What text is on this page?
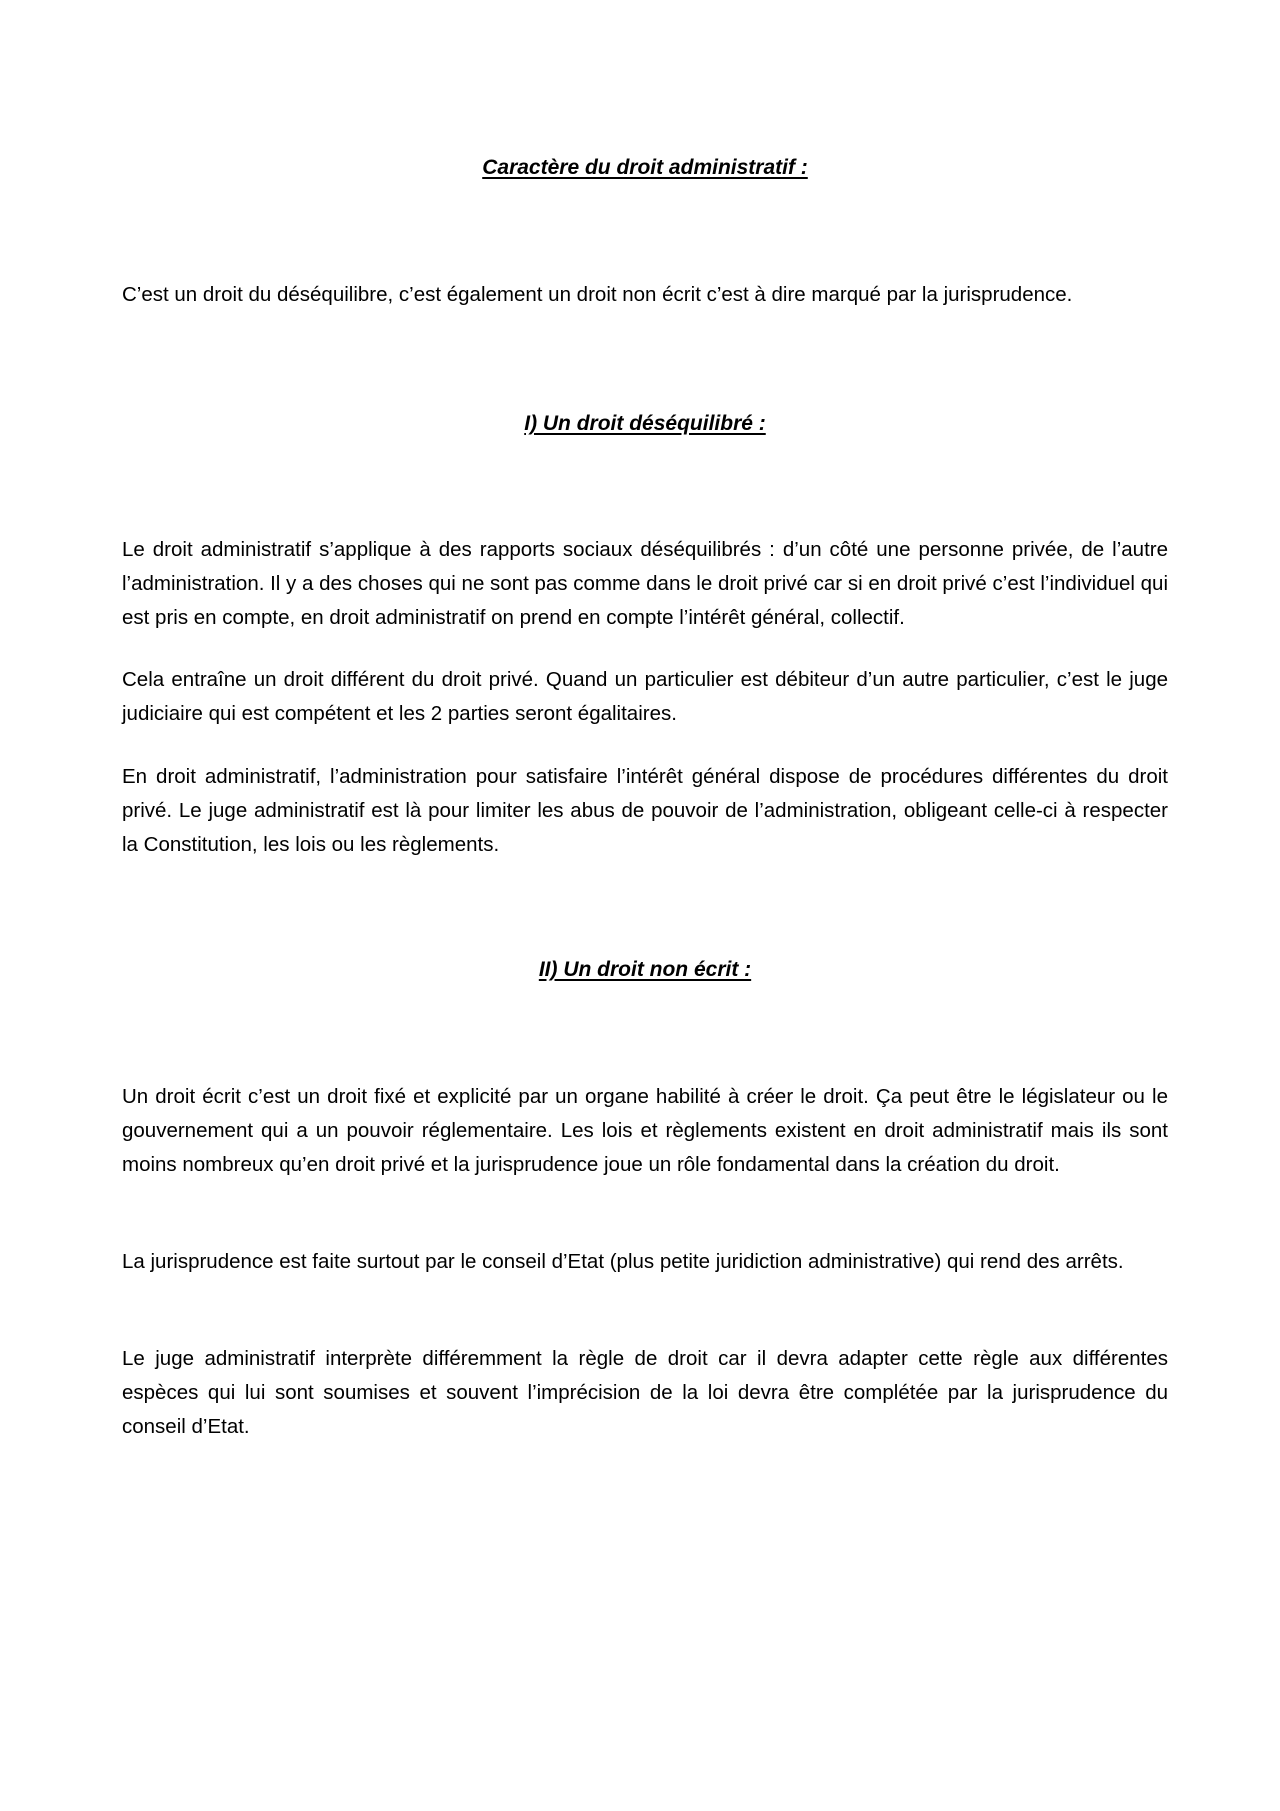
Caractère du droit administratif :

C’est un droit du déséquilibre, c’est également un droit non écrit c’est à dire marqué par la jurisprudence.

I) Un droit déséquilibré :

Le droit administratif s’applique à des rapports sociaux déséquilibrés : d’un côté une personne privée, de l’autre l’administration. Il y a des choses qui ne sont pas comme dans le droit privé car si en droit privé c’est l’individuel qui est pris en compte, en droit administratif on prend en compte l’intérêt général, collectif.

Cela entraîne un droit différent du droit privé. Quand un particulier est débiteur d’un autre particulier, c’est le juge judiciaire qui est compétent et les 2 parties seront égalitaires.

En droit administratif, l’administration pour satisfaire l’intérêt général dispose de procédures différentes du droit privé. Le juge administratif est là pour limiter les abus de pouvoir de l’administration, obligeant celle-ci à respecter la Constitution, les lois ou les règlements.

II) Un droit non écrit :

Un droit écrit c’est un droit fixé et explicité par un organe habilité à créer le droit. Ça peut être le législateur ou le gouvernement qui a un pouvoir réglementaire. Les lois et règlements existent en droit administratif mais ils sont moins nombreux qu’en droit privé et la jurisprudence joue un rôle fondamental dans la création du droit.

La jurisprudence est faite surtout par le conseil d’Etat (plus petite juridiction administrative) qui rend des arrêts.

Le juge administratif interprète différemment la règle de droit car il devra adapter cette règle aux différentes espèces qui lui sont soumises et souvent l’imprécision de la loi devra être complétée par la jurisprudence du conseil d’Etat.
